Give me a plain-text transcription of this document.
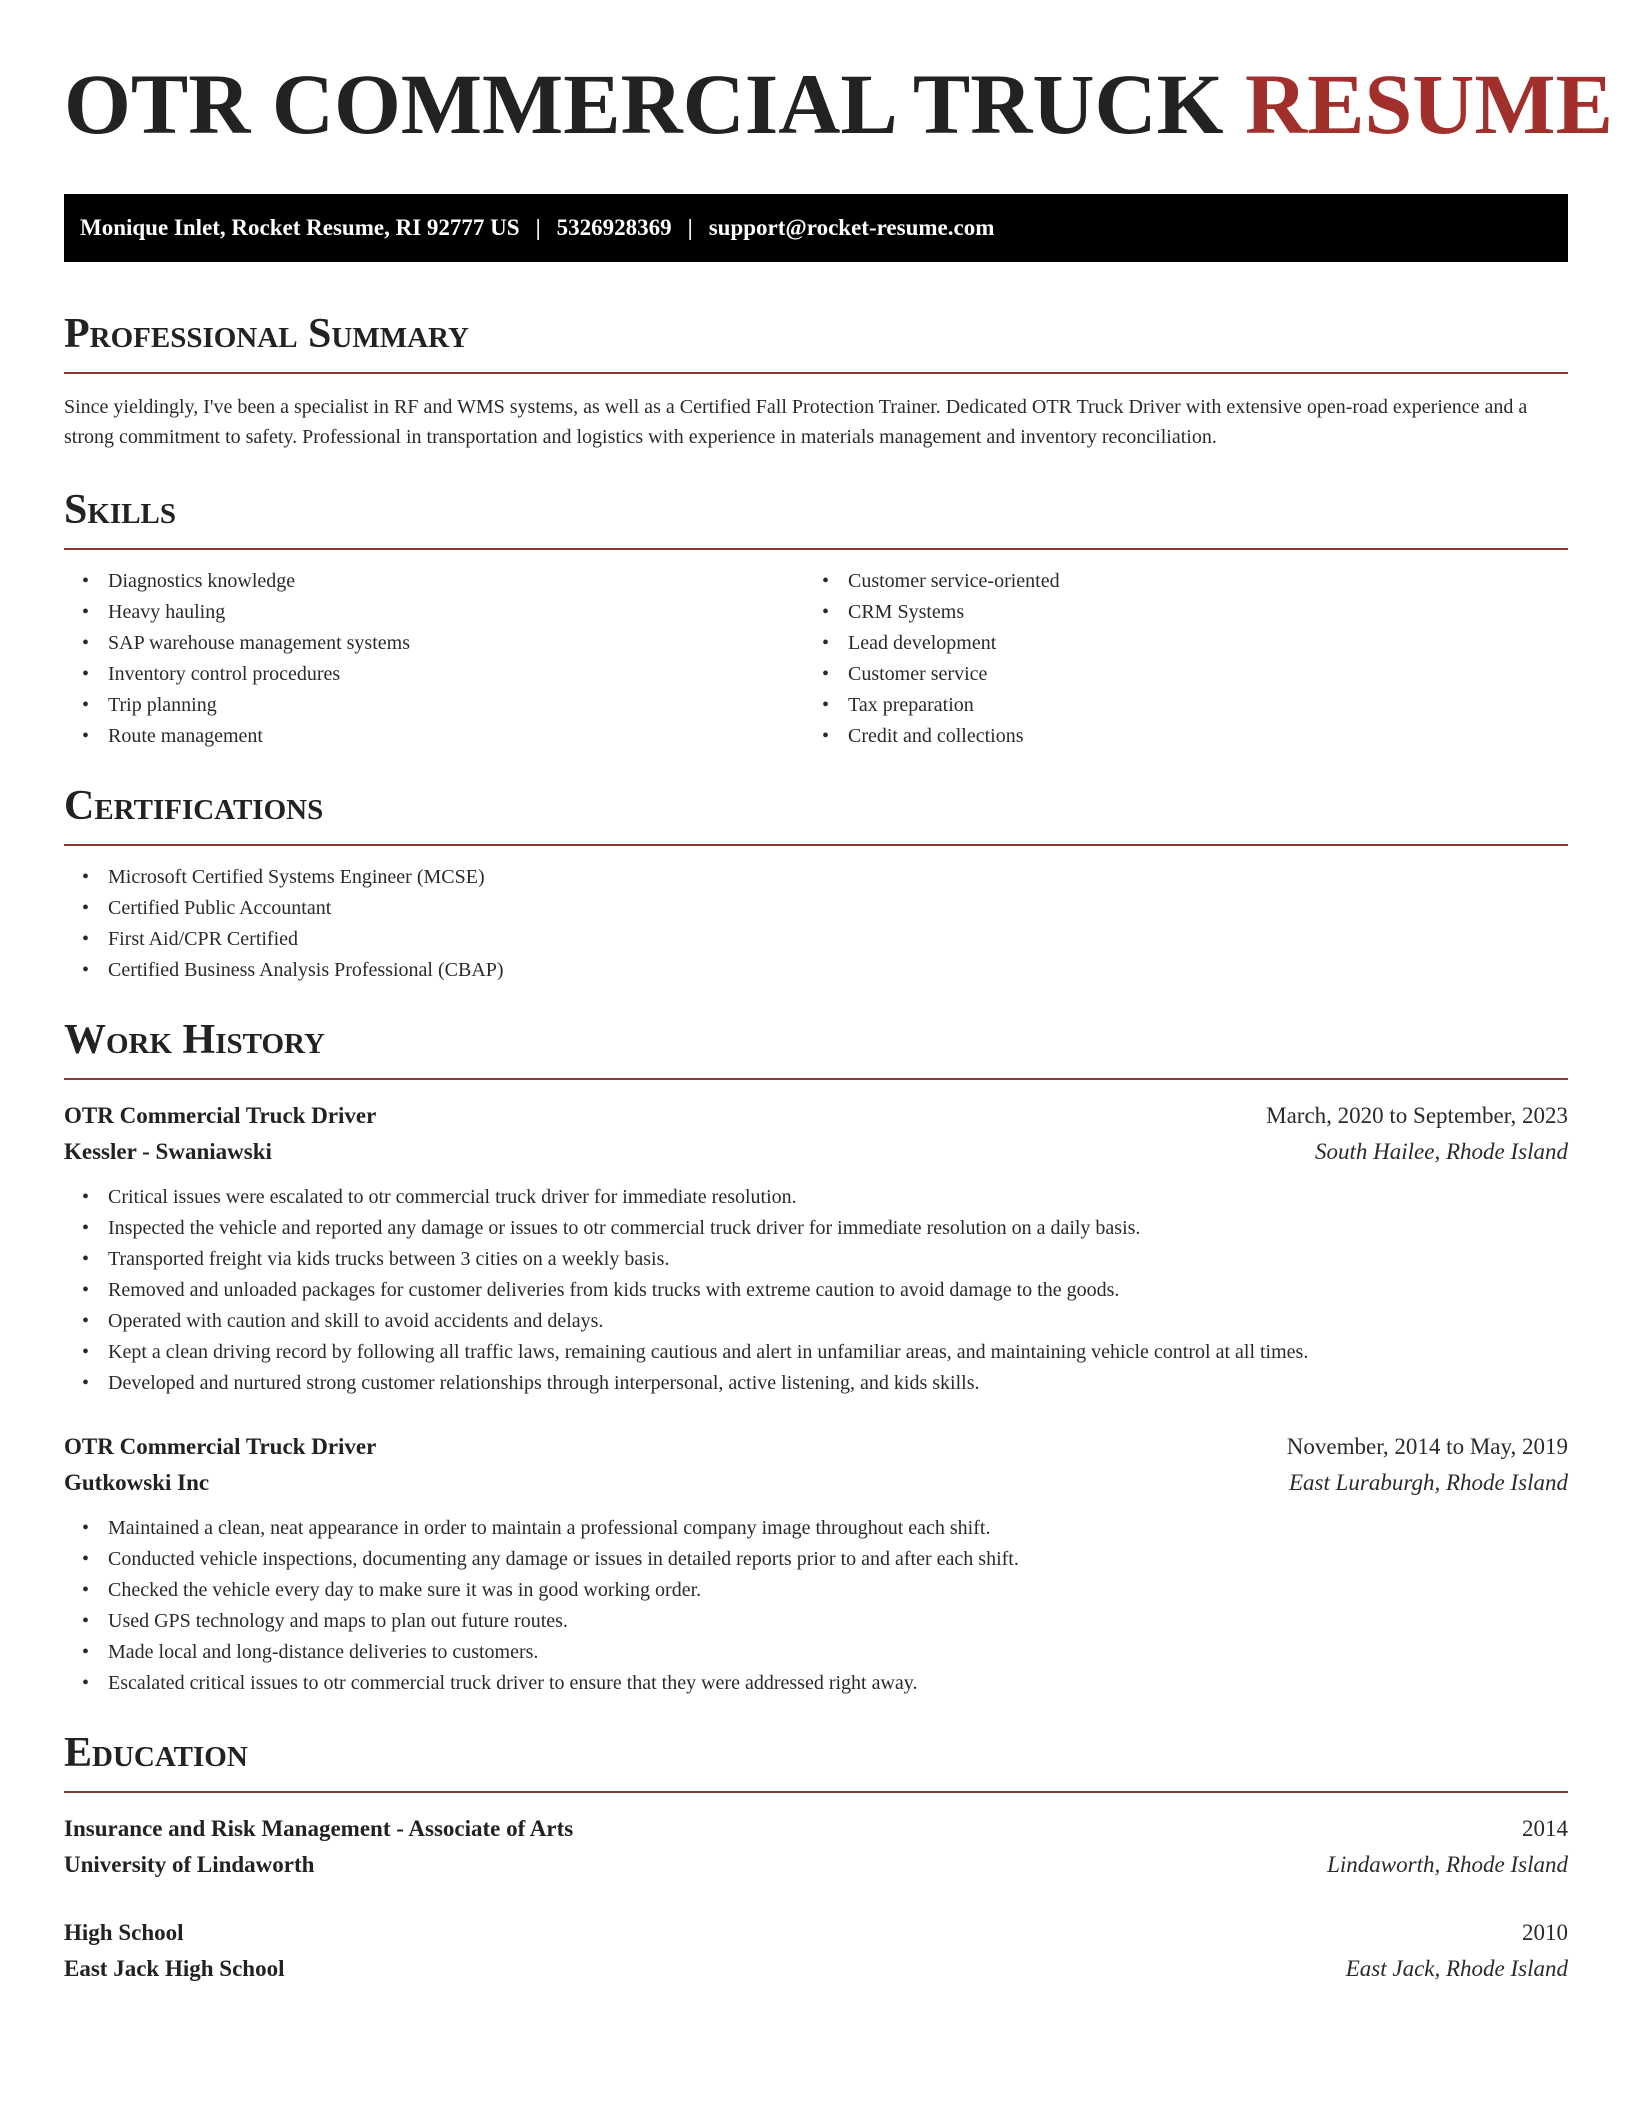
OTR COMMERCIAL TRUCK RESUME
Monique Inlet, Rocket Resume, RI 92777 US | 5326928369 | support@rocket-resume.com
Professional Summary

Since yieldingly, I've been a specialist in RF and WMS systems, as well as a Certified Fall Protection Trainer. Dedicated OTR Truck Driver with extensive open-road experience and a strong commitment to safety. Professional in transportation and logistics with experience in materials management and inventory reconciliation.

Skills
• Diagnostics knowledge
• Heavy hauling
• SAP warehouse management systems
• Inventory control procedures
• Trip planning
• Route management
• Customer service-oriented
• CRM Systems
• Lead development
• Customer service
• Tax preparation
• Credit and collections
Certifications
• Microsoft Certified Systems Engineer (MCSE)
• Certified Public Accountant
• First Aid/CPR Certified
• Certified Business Analysis Professional (CBAP)
Work History
OTR Commercial Truck Driver	March, 2020 to September, 2023
Kessler - Swaniawski	South Hailee, Rhode Island
• Critical issues were escalated to otr commercial truck driver for immediate resolution.
• Inspected the vehicle and reported any damage or issues to otr commercial truck driver for immediate resolution on a daily basis.
• Transported freight via kids trucks between 3 cities on a weekly basis.
• Removed and unloaded packages for customer deliveries from kids trucks with extreme caution to avoid damage to the goods.
• Operated with caution and skill to avoid accidents and delays.
• Kept a clean driving record by following all traffic laws, remaining cautious and alert in unfamiliar areas, and maintaining vehicle control at all times.
• Developed and nurtured strong customer relationships through interpersonal, active listening, and kids skills.
OTR Commercial Truck Driver	November, 2014 to May, 2019
Gutkowski Inc	East Luraburgh, Rhode Island
• Maintained a clean, neat appearance in order to maintain a professional company image throughout each shift.
• Conducted vehicle inspections, documenting any damage or issues in detailed reports prior to and after each shift.
• Checked the vehicle every day to make sure it was in good working order.
• Used GPS technology and maps to plan out future routes.
• Made local and long-distance deliveries to customers.
• Escalated critical issues to otr commercial truck driver to ensure that they were addressed right away.
Education
Insurance and Risk Management - Associate of Arts	2014
University of Lindaworth	Lindaworth, Rhode Island
High School	2010
East Jack High School	East Jack, Rhode Island
